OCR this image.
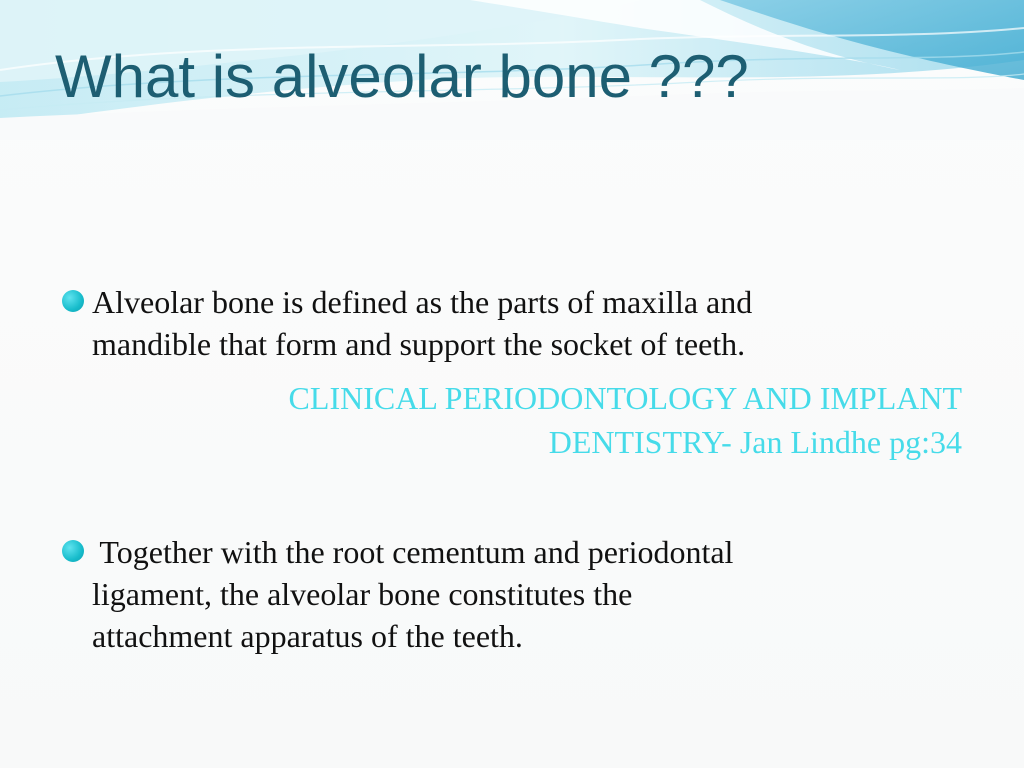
What is alveolar bone ???
Alveolar bone is defined as the parts of maxilla and
mandible that form and support the socket of teeth.
CLINICAL PERIODONTOLOGY AND IMPLANT
DENTISTRY- Jan Lindhe pg:34
Together with the root cementum and periodontal
ligament, the alveolar bone constitutes the
attachment apparatus of the teeth.
